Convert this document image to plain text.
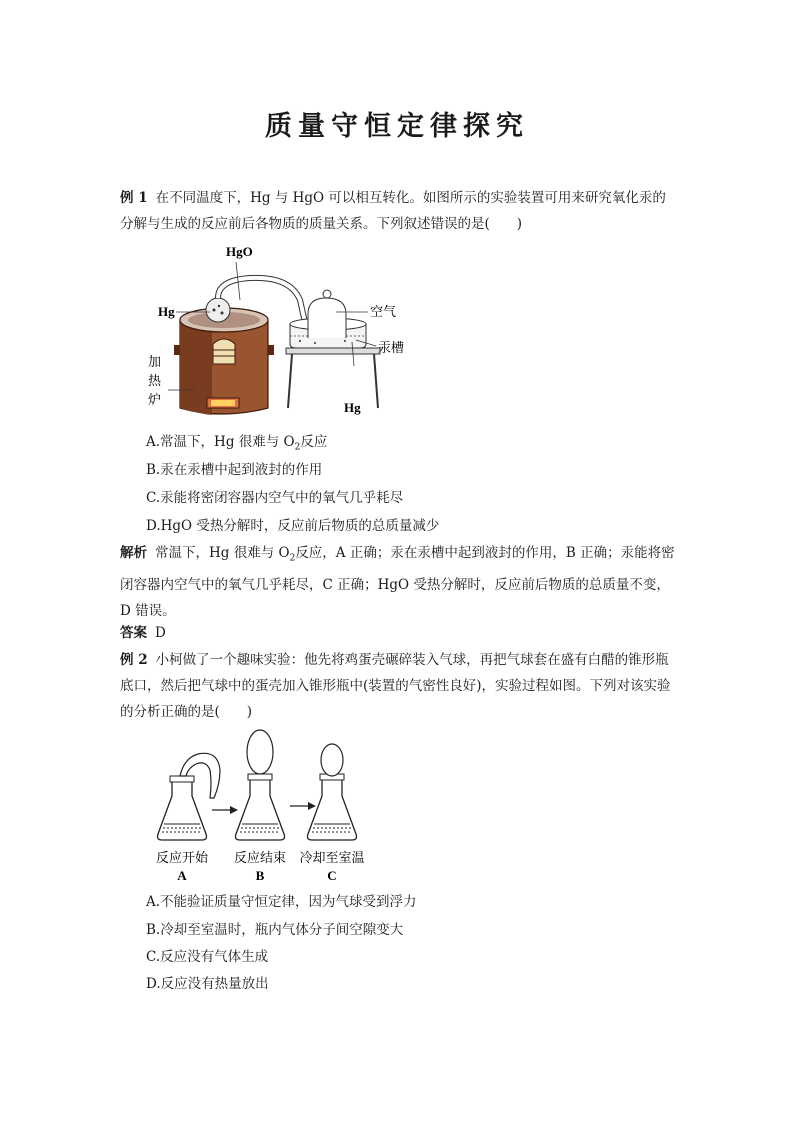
质量守恒定律探究
例 1 在不同温度下，Hg 与 HgO 可以相互转化。如图所示的实验装置可用来研究氧化汞的分解与生成的反应前后各物质的质量关系。下列叙述错误的是(　　)
HgO
Hg	空气
汞槽
Hg
加
热
炉
A.常温下，Hg 很难与 $O_2$反应
B.汞在汞槽中起到液封的作用
C.汞能将密闭容器内空气中的氧气几乎耗尽
D.HgO 受热分解时，反应前后物质的总质量减少
解析 常温下，Hg 很难与 $O_2$反应，A 正确；汞在汞槽中起到液封的作用，B 正确；汞能将密闭容器内空气中的氧气几乎耗尽，C 正确；HgO 受热分解时，反应前后物质的总质量不变，D 错误。
答案 D
例 2 小柯做了一个趣味实验：他先将鸡蛋壳碾碎装入气球，再把气球套在盛有白醋的锥形瓶底口，然后把气球中的蛋壳加入锥形瓶中(装置的气密性良好)，实验过程如图。下列对该实验的分析正确的是(　　)
反应开始 反应结束 冷却至室温
A	B	C
A.不能验证质量守恒定律，因为气球受到浮力
B.冷却至室温时，瓶内气体分子间空隙变大
C.反应没有气体生成
D.反应没有热量放出
